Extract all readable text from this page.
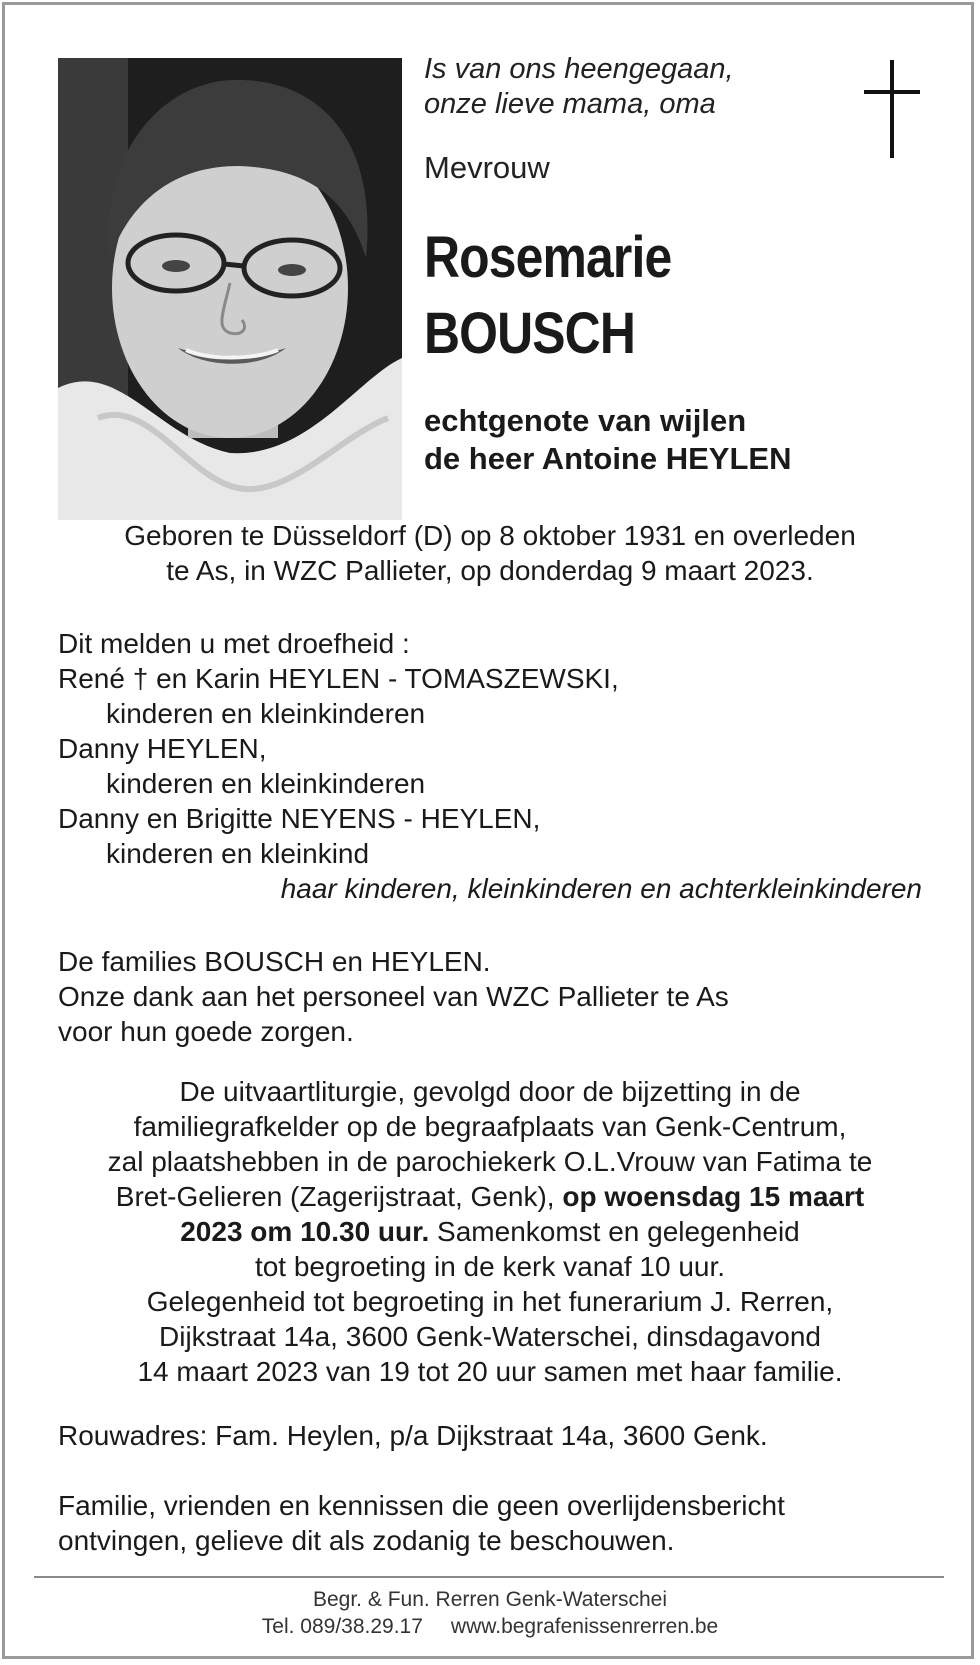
Is van ons heengegaan,
onze lieve mama, oma
Mevrouw
Rosemarie
BOUSCH
echtgenote van wijlen
de heer Antoine HEYLEN
Geboren te Düsseldorf (D) op 8 oktober 1931 en overleden
te As, in WZC Pallieter, op donderdag 9 maart 2023.
Dit melden u met droefheid :
René † en Karin HEYLEN - TOMASZEWSKI,
kinderen en kleinkinderen
Danny HEYLEN,
kinderen en kleinkinderen
Danny en Brigitte NEYENS - HEYLEN,
kinderen en kleinkind
haar kinderen, kleinkinderen en achterkleinkinderen
De families BOUSCH en HEYLEN.
Onze dank aan het personeel van WZC Pallieter te As
voor hun goede zorgen.
De uitvaartliturgie, gevolgd door de bijzetting in de
familiegrafkelder op de begraafplaats van Genk-Centrum,
zal plaatshebben in de parochiekerk O.L.Vrouw van Fatima te
Bret-Gelieren (Zagerijstraat, Genk), op woensdag 15 maart
2023 om 10.30 uur. Samenkomst en gelegenheid
tot begroeting in de kerk vanaf 10 uur.
Gelegenheid tot begroeting in het funerarium J. Rerren,
Dijkstraat 14a, 3600 Genk-Waterschei, dinsdagavond
14 maart 2023 van 19 tot 20 uur samen met haar familie.
Rouwadres: Fam. Heylen, p/a Dijkstraat 14a, 3600 Genk.
Familie, vrienden en kennissen die geen overlijdensbericht
ontvingen, gelieve dit als zodanig te beschouwen.
Begr. & Fun. Rerren Genk-Waterschei
Tel. 089/38.29.17 www.begrafenissenrerren.be
